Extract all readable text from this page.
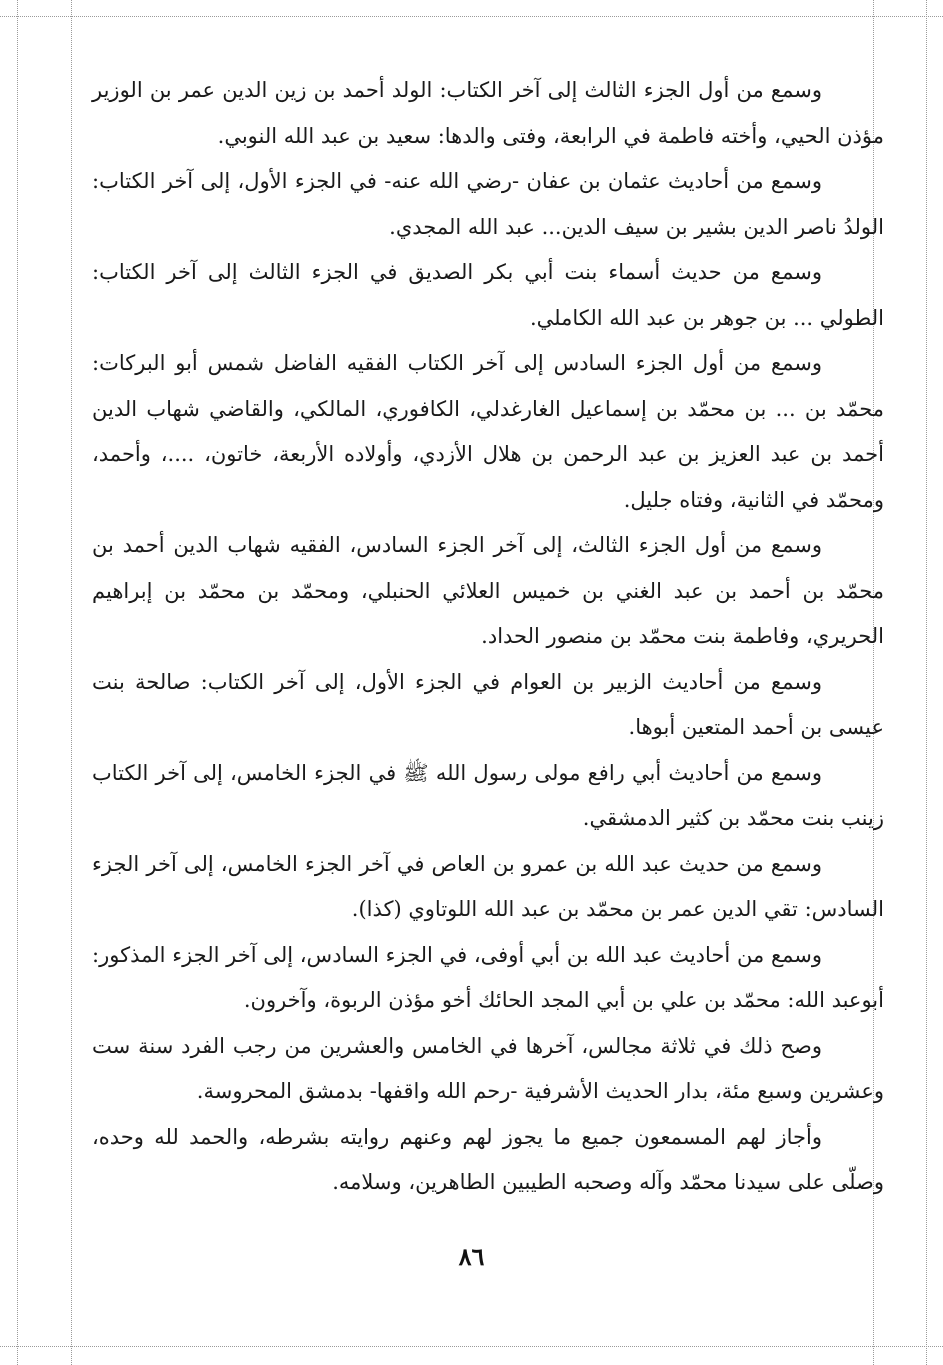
وسمع من أول الجزء الثالث إلى آخر الكتاب: الولد أحمد بن زين الدين عمر بن الوزير مؤذن الحيي، وأخته فاطمة في الرابعة، وفتى والدها: سعيد بن عبد الله النوبي.

وسمع من أحاديث عثمان بن عفان -رضي الله عنه- في الجزء الأول، إلى آخر الكتاب: الولدُ ناصر الدين بشير بن سيف الدين... عبد الله المجدي.

وسمع من حديث أسماء بنت أبي بكر الصديق في الجزء الثالث إلى آخر الكتاب: الطولي ... بن جوهر بن عبد الله الكاملي.

وسمع من أول الجزء السادس إلى آخر الكتاب الفقيه الفاضل شمس أبو البركات: محمّد بن ... بن محمّد بن إسماعيل الغارغدلي، الكافوري، المالكي، والقاضي شهاب الدين أحمد بن عبد العزيز بن عبد الرحمن بن هلال الأزدي، وأولاده الأربعة، خاتون، ....، وأحمد، ومحمّد في الثانية، وفتاه جليل.

وسمع من أول الجزء الثالث، إلى آخر الجزء السادس، الفقيه شهاب الدين أحمد بن محمّد بن أحمد بن عبد الغني بن خميس العلائي الحنبلي، ومحمّد بن محمّد بن إبراهيم الحريري، وفاطمة بنت محمّد بن منصور الحداد.

وسمع من أحاديث الزبير بن العوام في الجزء الأول، إلى آخر الكتاب: صالحة بنت عيسى بن أحمد المتعين أبوها.

وسمع من أحاديث أبي رافع مولى رسول الله ﷺ في الجزء الخامس، إلى آخر الكتاب زينب بنت محمّد بن كثير الدمشقي.

وسمع من حديث عبد الله بن عمرو بن العاص في آخر الجزء الخامس، إلى آخر الجزء السادس: تقي الدين عمر بن محمّد بن عبد الله اللوتاوي (كذا).

وسمع من أحاديث عبد الله بن أبي أوفى، في الجزء السادس، إلى آخر الجزء المذكور: أبوعبد الله: محمّد بن علي بن أبي المجد الحائك أخو مؤذن الربوة، وآخرون.

وصح ذلك في ثلاثة مجالس، آخرها في الخامس والعشرين من رجب الفرد سنة ست وعشرين وسبع مئة، بدار الحديث الأشرفية -رحم الله واقفها- بدمشق المحروسة.

وأجاز لهم المسمعون جميع ما يجوز لهم وعنهم روايته بشرطه، والحمد لله وحده، وصلّى على سيدنا محمّد وآله وصحبه الطيبين الطاهرين، وسلامه.

٨٦
